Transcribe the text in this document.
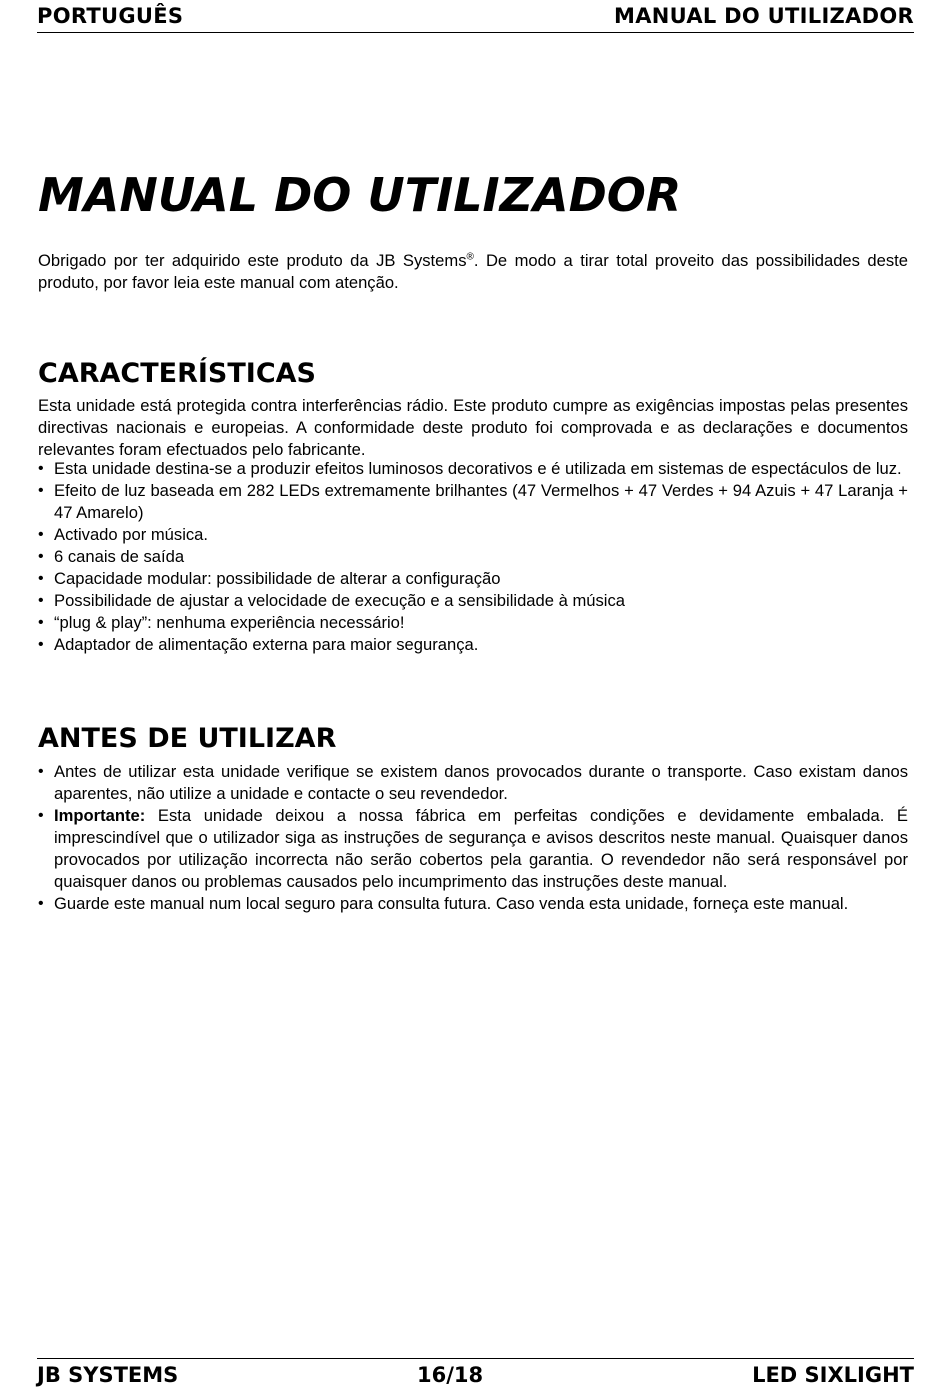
PORTUGUÊS	MANUAL DO UTILIZADOR
MANUAL DO UTILIZADOR

Obrigado por ter adquirido este produto da JB Systems®. De modo a tirar total proveito das possibilidades deste produto, por favor leia este manual com atenção.

CARACTERÍSTICAS

Esta unidade está protegida contra interferências rádio. Este produto cumpre as exigências impostas pelas presentes directivas nacionais e europeias. A conformidade deste produto foi comprovada e as declarações e documentos relevantes foram efectuados pelo fabricante.

• Esta unidade destina-se a produzir efeitos luminosos decorativos e é utilizada em sistemas de espectáculos de luz.
• Efeito de luz baseada em 282 LEDs extremamente brilhantes (47 Vermelhos + 47 Verdes + 94 Azuis + 47 Laranja + 47 Amarelo)
• Activado por música.
• 6 canais de saída
• Capacidade modular: possibilidade de alterar a configuração
• Possibilidade de ajustar a velocidade de execução e a sensibilidade à música
• “plug & play”: nenhuma experiência necessário!
• Adaptador de alimentação externa para maior segurança.
ANTES DE UTILIZAR
• Antes de utilizar esta unidade verifique se existem danos provocados durante o transporte. Caso existam danos aparentes, não utilize a unidade e contacte o seu revendedor.
• Importante: Esta unidade deixou a nossa fábrica em perfeitas condições e devidamente embalada. É imprescindível que o utilizador siga as instruções de segurança e avisos descritos neste manual. Quaisquer danos provocados por utilização incorrecta não serão cobertos pela garantia. O revendedor não será responsável por quaisquer danos ou problemas causados pelo incumprimento das instruções deste manual.
• Guarde este manual num local seguro para consulta futura. Caso venda esta unidade, forneça este manual.
JB SYSTEMS	16/18	LED SIXLIGHT
